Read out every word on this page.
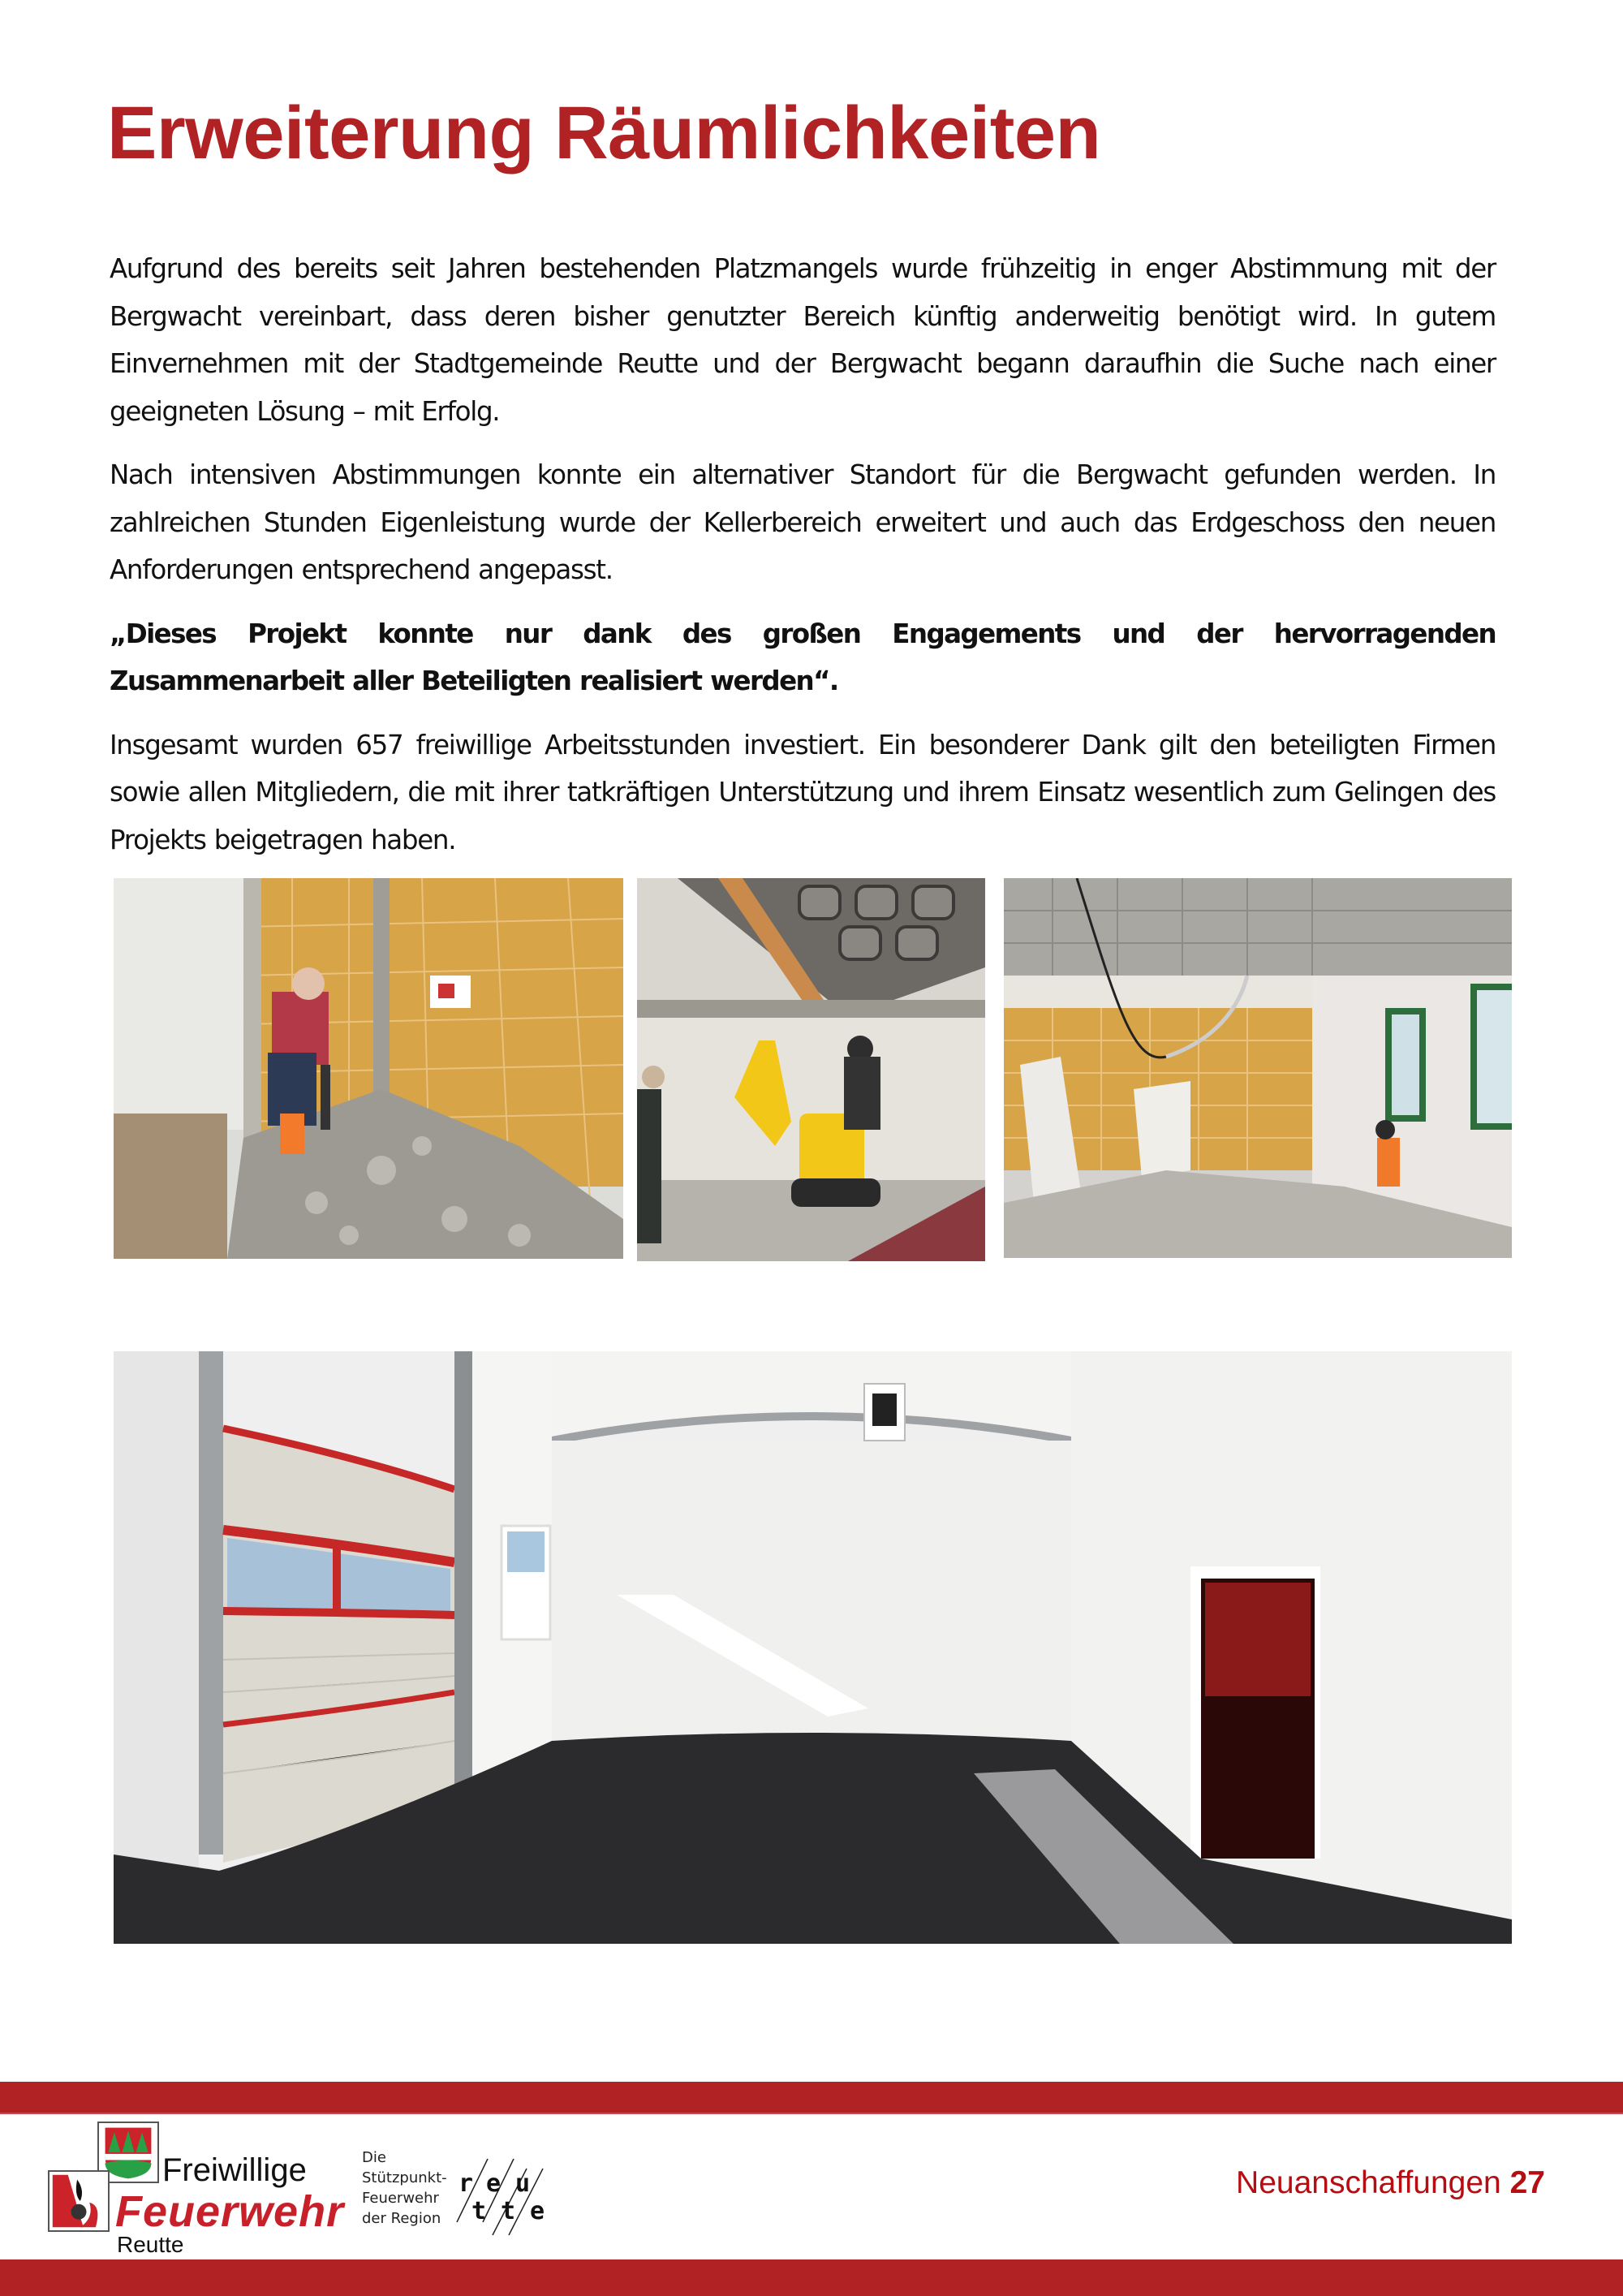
Erweiterung Räumlichkeiten

Aufgrund des bereits seit Jahren bestehenden Platzmangels wurde frühzeitig in enger Abstimmung mit der Bergwacht vereinbart, dass deren bisher genutzter Bereich künftig anderweitig benötigt wird. In gutem Einvernehmen mit der Stadtgemeinde Reutte und der Bergwacht begann daraufhin die Suche nach einer geeigneten Lösung – mit Erfolg.

Nach intensiven Abstimmungen konnte ein alternativer Standort für die Bergwacht gefunden werden. In zahlreichen Stunden Eigenleistung wurde der Kellerbereich erweitert und auch das Erdgeschoss den neuen Anforderungen entsprechend angepasst.

„Dieses Projekt konnte nur dank des großen Engagements und der hervorragenden Zusammenarbeit aller Beteiligten realisiert werden“.

Insgesamt wurden 657 freiwillige Arbeitsstunden investiert. Ein besonderer Dank gilt den beteiligten Firmen sowie allen Mitgliedern, die mit ihrer tatkräftigen Unterstützung und ihrem Einsatz wesentlich zum Gelingen des Projekts beigetragen haben.

Freiwillige
Feuerwehr
Reutte
Die
Stützpunkt-
Feuerwehr
der Region
r e u
t t e
Neuanschaffungen 27
